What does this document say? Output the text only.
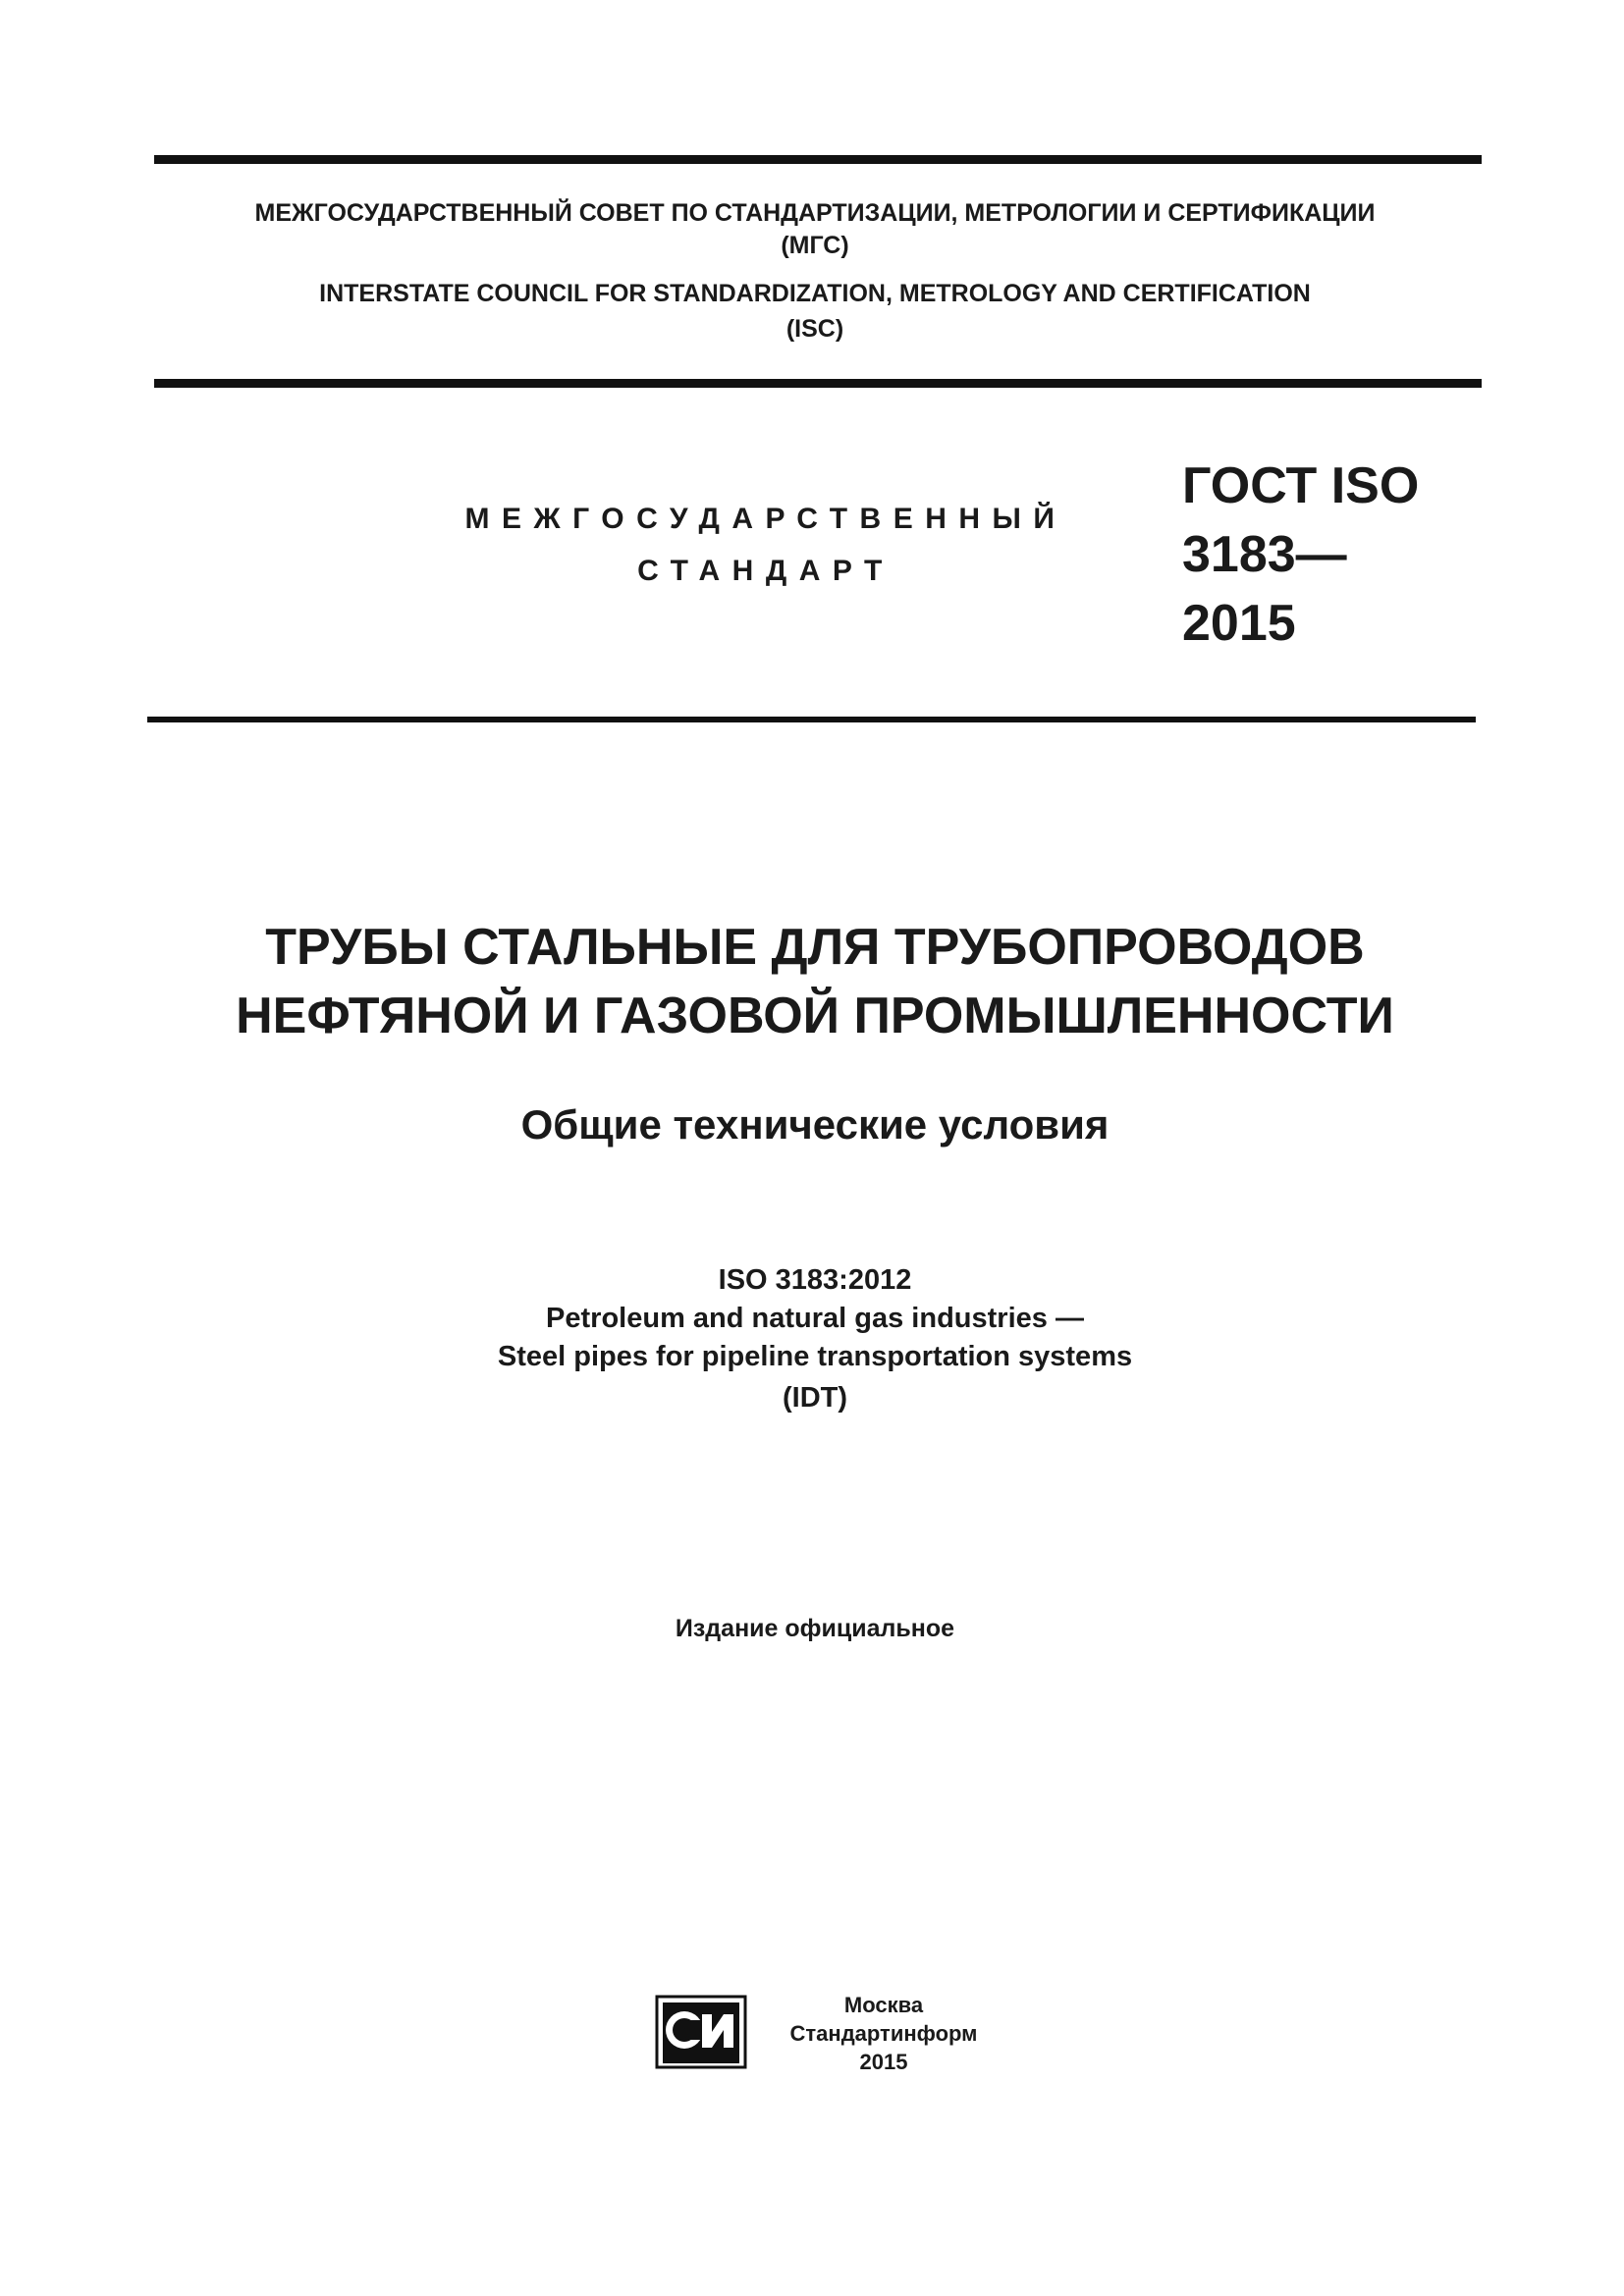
МЕЖГОСУДАРСТВЕННЫЙ СОВЕТ ПО СТАНДАРТИЗАЦИИ, МЕТРОЛОГИИ И СЕРТИФИКАЦИИ
(МГС)
INTERSTATE COUNCIL FOR STANDARDIZATION, METROLOGY AND CERTIFICATION
(ISC)
МЕЖГОСУДАРСТВЕННЫЙ
СТАНДАРТ
ГОСТ ISO
3183—
2015
ТРУБЫ СТАЛЬНЫЕ ДЛЯ ТРУБОПРОВОДОВ
НЕФТЯНОЙ И ГАЗОВОЙ ПРОМЫШЛЕННОСТИ
Общие технические условия
ISO 3183:2012
Petroleum and natural gas industries —
Steel pipes for pipeline transportation systems
(IDT)
Издание официальное
Москва
Стандартинформ
2015
